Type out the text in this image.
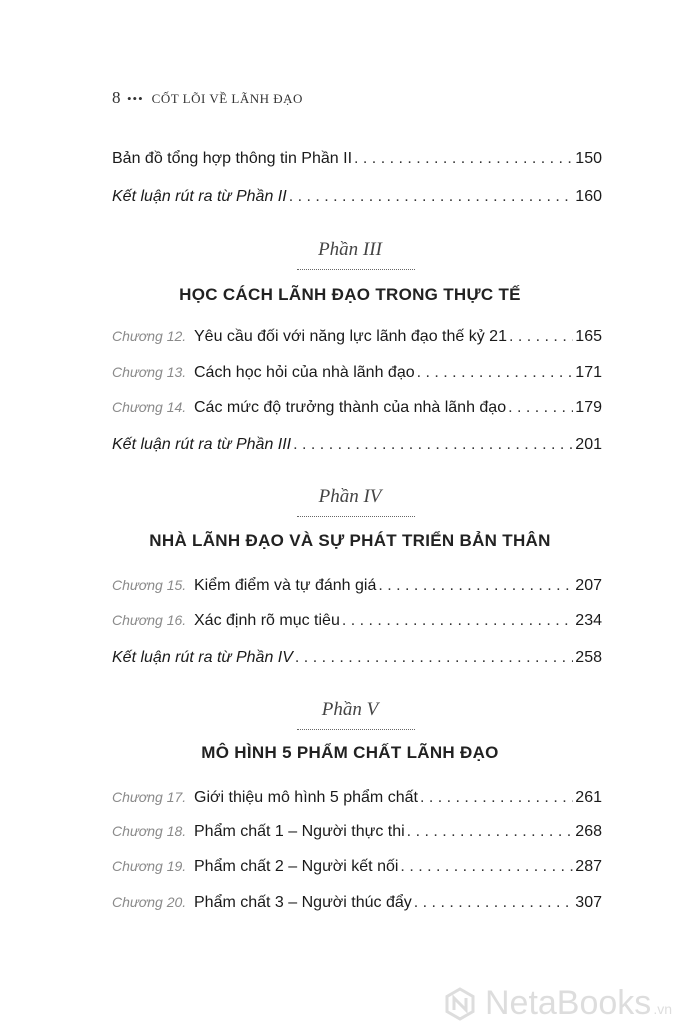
8 ••• CỐT LÕI VỀ LÃNH ĐẠO
Bản đồ tổng hợp thông tin Phần II . . .	150
Kết luận rút ra từ Phần II . . .	160
Phần III
HỌC CÁCH LÃNH ĐẠO TRONG THỰC TẾ
Chương 12. Yêu cầu đối với năng lực lãnh đạo thế kỷ 21 . . .	165
Chương 13. Cách học hỏi của nhà lãnh đạo . . .	171
Chương 14. Các mức độ trưởng thành của nhà lãnh đạo . . .	179
Kết luận rút ra từ Phần III . . .	201
Phần IV
NHÀ LÃNH ĐẠO VÀ SỰ PHÁT TRIỂN BẢN THÂN
Chương 15. Kiểm điểm và tự đánh giá . . .	207
Chương 16. Xác định rõ mục tiêu . . .	234
Kết luận rút ra từ Phần IV . . .	258
Phần V
MÔ HÌNH 5 PHẨM CHẤT LÃNH ĐẠO
Chương 17. Giới thiệu mô hình 5 phẩm chất . . .	261
Chương 18. Phẩm chất 1 – Người thực thi . . .	268
Chương 19. Phẩm chất 2 – Người kết nối . . .	287
Chương 20. Phẩm chất 3 – Người thúc đẩy . . .	307
NetaBooks .vn
